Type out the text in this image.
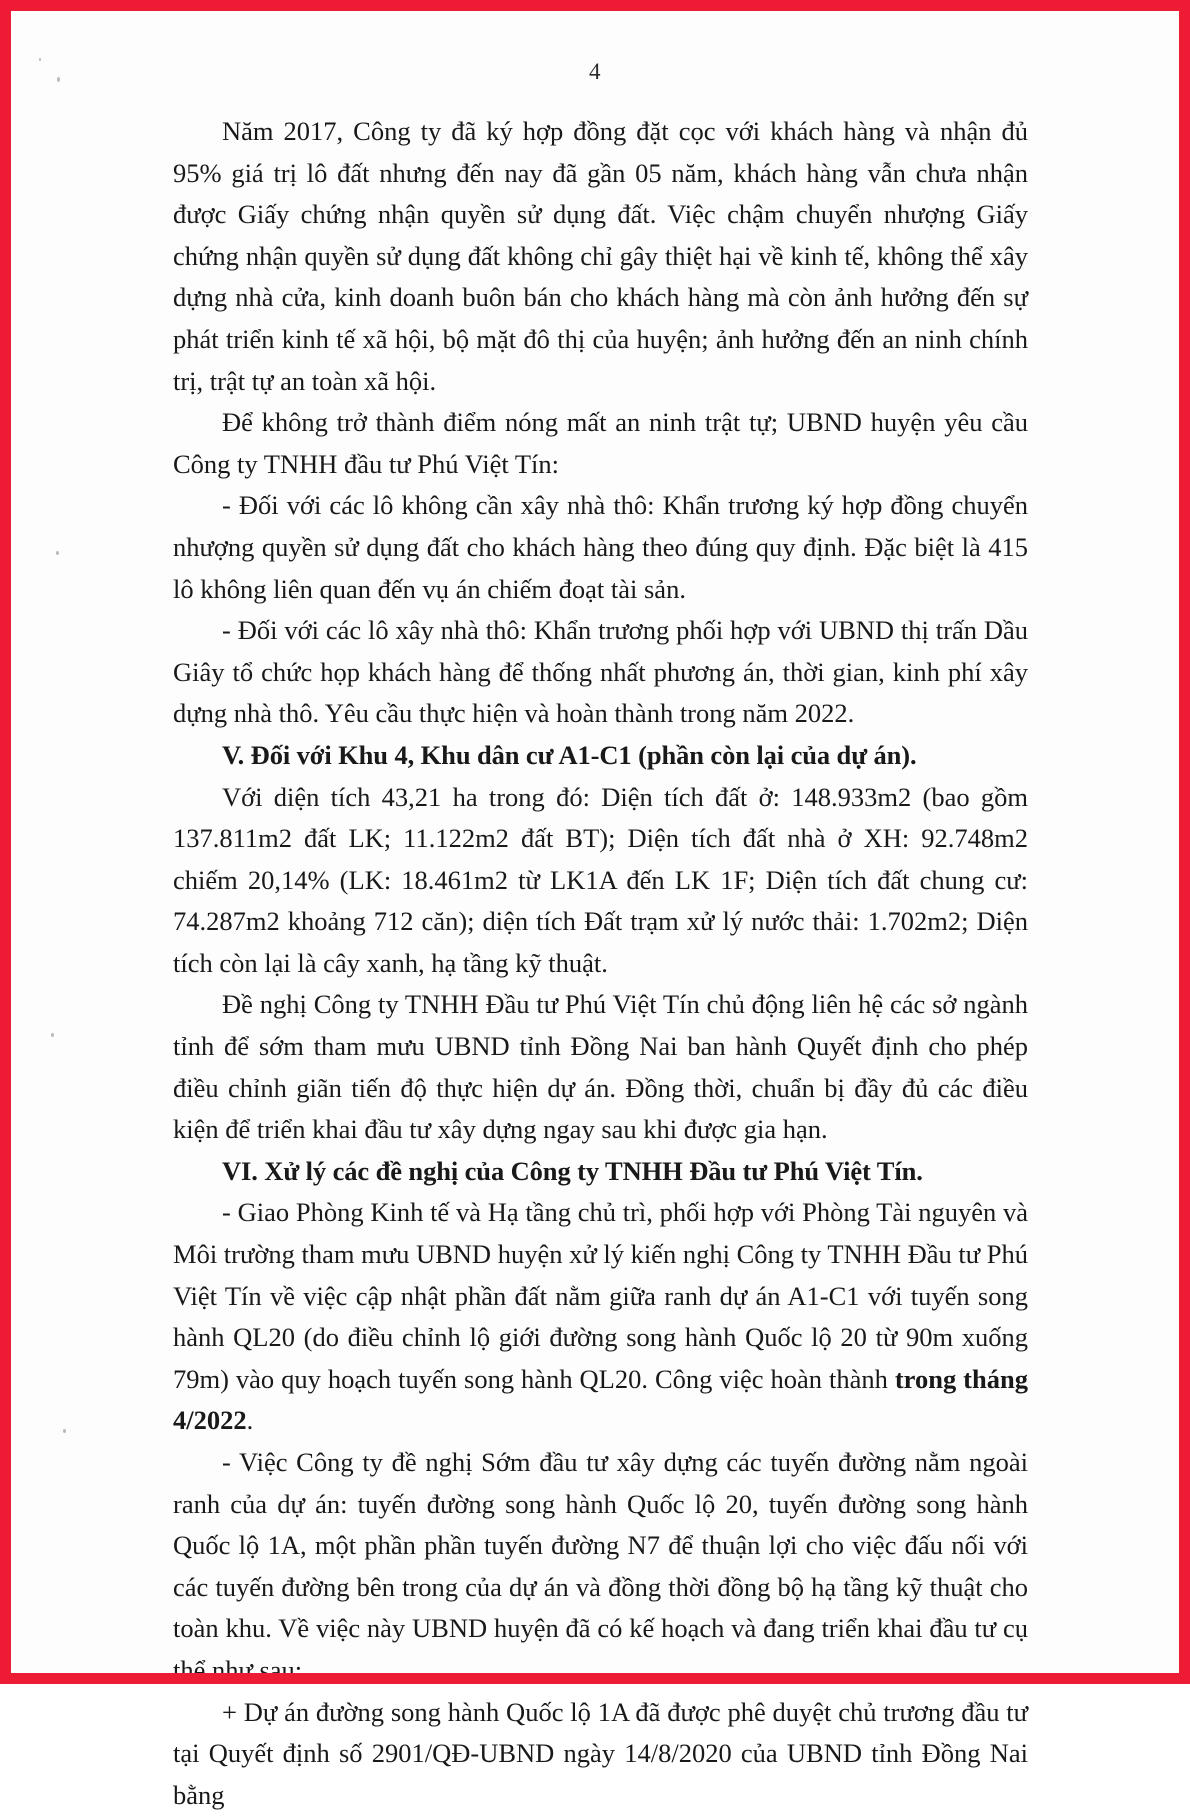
4

Năm 2017, Công ty đã ký hợp đồng đặt cọc với khách hàng và nhận đủ 95% giá trị lô đất nhưng đến nay đã gần 05 năm, khách hàng vẫn chưa nhận được Giấy chứng nhận quyền sử dụng đất. Việc chậm chuyển nhượng Giấy chứng nhận quyền sử dụng đất không chỉ gây thiệt hại về kinh tế, không thể xây dựng nhà cửa, kinh doanh buôn bán cho khách hàng mà còn ảnh hưởng đến sự phát triển kinh tế xã hội, bộ mặt đô thị của huyện; ảnh hưởng đến an ninh chính trị, trật tự an toàn xã hội.

Để không trở thành điểm nóng mất an ninh trật tự; UBND huyện yêu cầu Công ty TNHH đầu tư Phú Việt Tín:

- Đối với các lô không cần xây nhà thô: Khẩn trương ký hợp đồng chuyển nhượng quyền sử dụng đất cho khách hàng theo đúng quy định. Đặc biệt là 415 lô không liên quan đến vụ án chiếm đoạt tài sản.

- Đối với các lô xây nhà thô: Khẩn trương phối hợp với UBND thị trấn Dầu Giây tổ chức họp khách hàng để thống nhất phương án, thời gian, kinh phí xây dựng nhà thô. Yêu cầu thực hiện và hoàn thành trong năm 2022.

V. Đối với Khu 4, Khu dân cư A1-C1 (phần còn lại của dự án).

Với diện tích 43,21 ha trong đó: Diện tích đất ở: 148.933m2 (bao gồm 137.811m2 đất LK; 11.122m2 đất BT); Diện tích đất nhà ở XH: 92.748m2 chiếm 20,14% (LK: 18.461m2 từ LK1A đến LK 1F; Diện tích đất chung cư: 74.287m2 khoảng 712 căn); diện tích Đất trạm xử lý nước thải: 1.702m2; Diện tích còn lại là cây xanh, hạ tầng kỹ thuật.

Đề nghị Công ty TNHH Đầu tư Phú Việt Tín chủ động liên hệ các sở ngành tỉnh để sớm tham mưu UBND tỉnh Đồng Nai ban hành Quyết định cho phép điều chỉnh giãn tiến độ thực hiện dự án. Đồng thời, chuẩn bị đầy đủ các điều kiện để triển khai đầu tư xây dựng ngay sau khi được gia hạn.

VI. Xử lý các đề nghị của Công ty TNHH Đầu tư Phú Việt Tín.

- Giao Phòng Kinh tế và Hạ tầng chủ trì, phối hợp với Phòng Tài nguyên và Môi trường tham mưu UBND huyện xử lý kiến nghị Công ty TNHH Đầu tư Phú Việt Tín về việc cập nhật phần đất nằm giữa ranh dự án A1-C1 với tuyến song hành QL20 (do điều chỉnh lộ giới đường song hành Quốc lộ 20 từ 90m xuống 79m) vào quy hoạch tuyến song hành QL20. Công việc hoàn thành trong tháng 4/2022.

- Việc Công ty đề nghị Sớm đầu tư xây dựng các tuyến đường nằm ngoài ranh của dự án: tuyến đường song hành Quốc lộ 20, tuyến đường song hành Quốc lộ 1A, một phần phần tuyến đường N7 để thuận lợi cho việc đấu nối với các tuyến đường bên trong của dự án và đồng thời đồng bộ hạ tầng kỹ thuật cho toàn khu. Về việc này UBND huyện đã có kế hoạch và đang triển khai đầu tư cụ thể như sau:

+ Dự án đường song hành Quốc lộ 1A đã được phê duyệt chủ trương đầu tư tại Quyết định số 2901/QĐ-UBND ngày 14/8/2020 của UBND tỉnh Đồng Nai bằng
